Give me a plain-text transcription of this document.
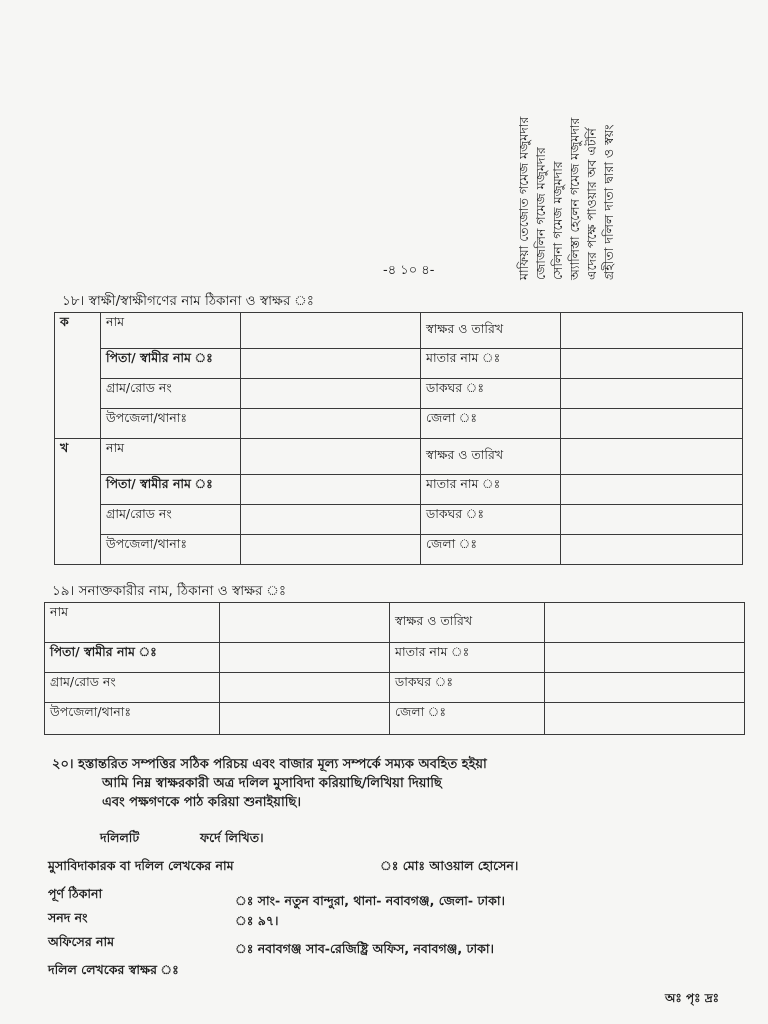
মাফিয়া তেজোত গমেজ মজুমদার জোজলিন গমেজ মজুমদার সেলিনা গমেজ মজুমদার অ্যালিস্তা হেলেন গমেজ মজুমদার এদের পক্ষে পাওয়ার অব এটর্নি গ্রহীতা দলিল দাতা দ্বারা ও স্বয়ং
-৪ ১০ ৪-
১৮। স্বাক্ষী/স্বাক্ষীগণের নাম ঠিকানা ও স্বাক্ষর ঃ
ক	নাম		স্বাক্ষর ও তারিখ	
	পিতা/ স্বামীর নাম ঃ		মাতার নাম ঃ	
	গ্রাম/রোড নং		ডাকঘর ঃ	
	উপজেলা/থানাঃ		জেলা ঃ	
খ	নাম		স্বাক্ষর ও তারিখ	
	পিতা/ স্বামীর নাম ঃ		মাতার নাম ঃ	
	গ্রাম/রোড নং		ডাকঘর ঃ	
	উপজেলা/থানাঃ		জেলা ঃ	
১৯। সনাক্তকারীর নাম, ঠিকানা ও স্বাক্ষর ঃ
নাম		স্বাক্ষর ও তারিখ	
পিতা/ স্বামীর নাম ঃ		মাতার নাম ঃ	
গ্রাম/রোড নং		ডাকঘর ঃ	
উপজেলা/থানাঃ		জেলা ঃ	
২০। হস্তান্তরিত সম্পত্তির সঠিক পরিচয় এবং বাজার মূল্য সম্পর্কে সম্যক অবহিত হইয়া
আমি নিম্ন স্বাক্ষরকারী অত্র দলিল মুসাবিদা করিয়াছি/লিখিয়া দিয়াছি
এবং পক্ষগণকে পাঠ করিয়া শুনাইয়াছি।
দলিলটি	ফর্দে লিখিত।
মুসাবিদাকারক বা দলিল লেখকের নাম	ঃ মোঃ আওয়াল হোসেন।
পূর্ণ ঠিকানা	ঃ সাং- নতুন বান্দুরা, থানা- নবাবগঞ্জ, জেলা- ঢাকা।
সনদ নং	ঃ ৯৭।
অফিসের নাম	ঃ নবাবগঞ্জ সাব-রেজিষ্ট্রি অফিস, নবাবগঞ্জ, ঢাকা।
দলিল লেখকের স্বাক্ষর ঃ
অঃ পৃঃ দ্রঃ
